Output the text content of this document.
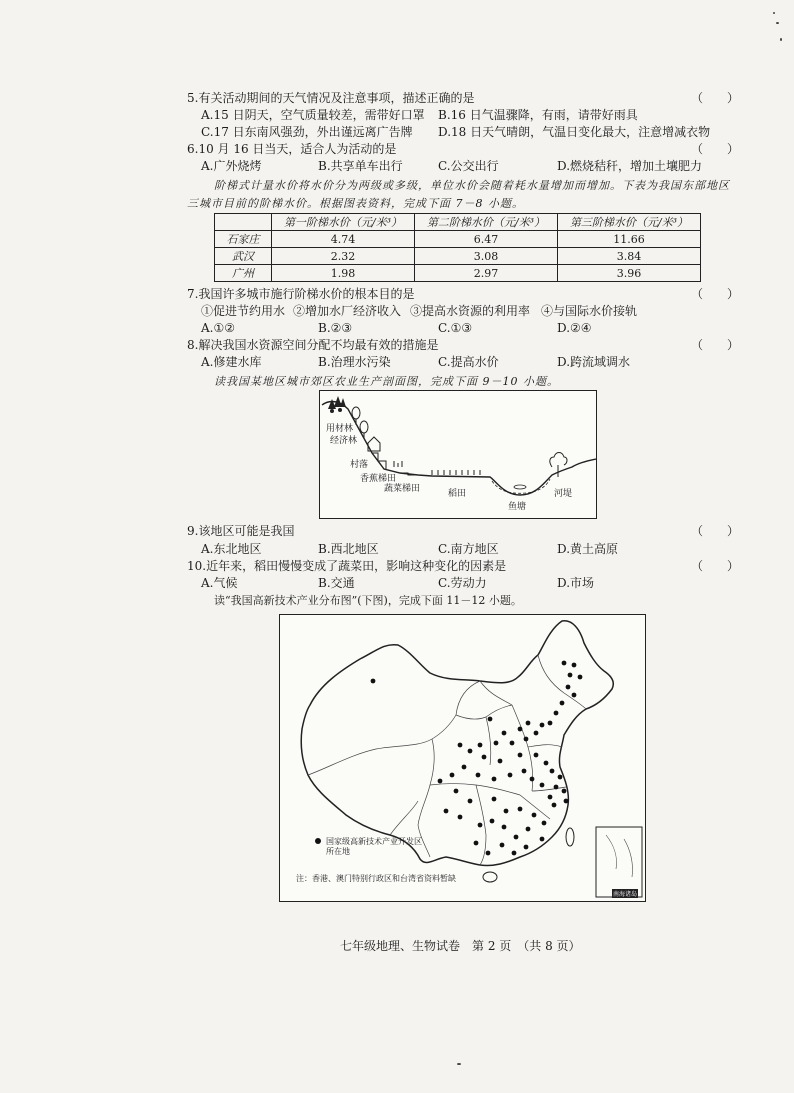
5.有关活动期间的天气情况及注意事项，描述正确的是	（　　）
A.15 日阴天，空气质量较差，需带好口罩 B.16 日气温骤降，有雨，请带好雨具
C.17 日东南风强劲，外出谨远离广告牌 D.18 日天气晴朗，气温日变化最大，注意增减衣物
6.10 月 16 日当天，适合人为活动的是	（　　）
A.广外烧烤	B.共享单车出行	C.公交出行	D.燃烧秸秆，增加土壤肥力
阶梯式计量水价将水价分为两级或多级，单位水价会随着耗水量增加而增加。下表为我国东部地区
三城市目前的阶梯水价。根据图表资料，完成下面 7－8 小题。
	第一阶梯水价（元/米³）	第二阶梯水价（元/米³）	第三阶梯水价（元/米³）
石家庄	4.74	6.47	11.66
武汉	2.32	3.08	3.84
广州	1.98	2.97	3.96
7.我国许多城市施行阶梯水价的根本目的是	（　　）
①促进节约用水 ②增加水厂经济收入 ③提高水资源的利用率 ④与国际水价接轨
A.①②	B.②③	C.①③	D.②④
8.解决我国水资源空间分配不均最有效的措施是	（　　）
A.修建水库	B.治理水污染	C.提高水价	D.跨流域调水
读我国某地区城市郊区农业生产剖面图，完成下面 9－10 小题。
用材林
经济林
村落
香蕉梯田
蔬菜梯田	稻田
鱼塘
河堤
9.该地区可能是我国	（　　）
A.东北地区	B.西北地区	C.南方地区	D.黄土高原
10.近年来，稻田慢慢变成了蔬菜田，影响这种变化的因素是	（　　）
A.气候	B.交通	C.劳动力	D.市场
读“我国高新技术产业分布图”(下图)，完成下面 11－12 小题。
国家级高新技术产业开发区所在地
注：香港、澳门特别行政区和台湾省资料暂缺
南海诸岛
七年级地理、生物试卷　第 2 页　（共 8 页）
